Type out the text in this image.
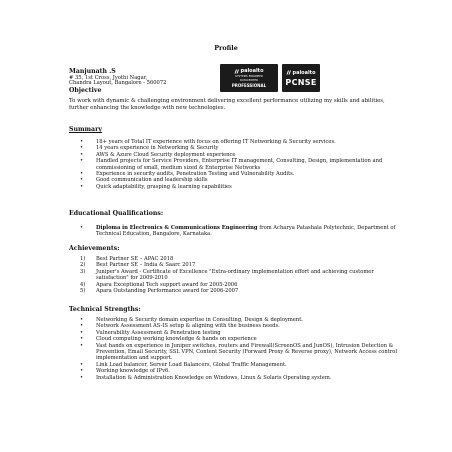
Profile
Manjunath .S
# 35, 1st Cross, Jyothi Nagar,
Chandra Layout, Bangalore - 560072
paloalto
SYSTEMS ENGINEER
DATACENTER
PROFESSIONAL
paloalto
PCNSE
Objective
To work with dynamic & challenging environment delivering excellent performance utilizing my skills and abilities, further enhancing the knowledge with new technologies.
Summary
• 18+ years of Total IT experience with focus on offering IT Networking & Security services.
• 14 years experience in Networking & Security
• AWS & Azure Cloud Security deployment experience
• Handled projects for Service Providers, Enterprise IT management, Consulting, Design, implementation and commissioning of small, medium sized & Enterprise Networks
• Experience in security audits, Penetration Testing and Vulnerability Audits.
• Good communication and leadership skills
• Quick adaptability, grasping & learning capabilities
Educational Qualifications:
• Diploma in Electronics & Communications Engineering from Acharya Patashala Polytechnic, Department of Technical Education, Bangalore, Karnataka.
Achievements:
1) Best Partner SE – APAC 2018
2) Best Partner SE – India & Saarc 2017
3) Juniper's Award - Certificate of Excellence "Extra-ordinary implementation effort and achieving customer satisfaction" for 2009-2010
4) Apara Exceptional Tech support award for 2005-2006
5) Apara Outstanding Performance award for 2006-2007
Technical Strengths:
• Networking & Security domain expertise in Consulting, Design & deployment.
• Network Assessment AS-IS setup & aligning with the business needs.
• Vulnerability Assessment & Penetration testing
• Cloud computing working knowledge & hands on experience
• Vast hands on experience in Juniper switches, routers and Firewall(ScreenOS and JunOS), Intrusion Detection & Prevention, Email Security, SSL VPN, Content Security (Forward Proxy & Reverse proxy), Network Access control implementation and support.
• Link Load balancer, Server Load Balancers, Global Traffic Management.
• Working knowledge of IPv6.
• Installation & Administration Knowledge on Windows, Linux & Solaris Operating system.
